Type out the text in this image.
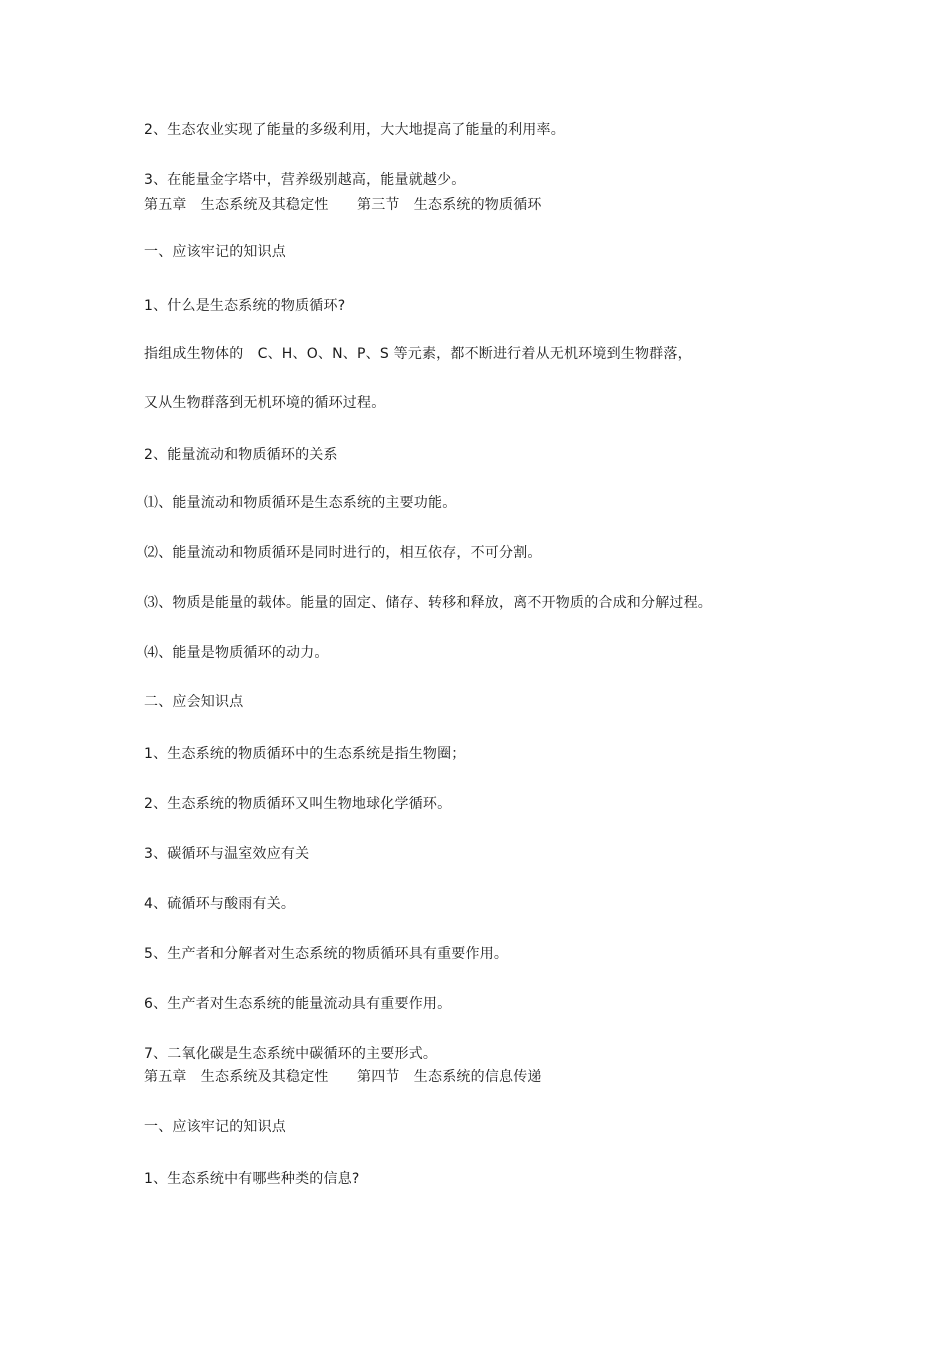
2、生态农业实现了能量的多级利用，大大地提高了能量的利用率。
3、在能量金字塔中，营养级别越高，能量就越少。
第五章　生态系统及其稳定性　　第三节　生态系统的物质循环
一、应该牢记的知识点
1、什么是生态系统的物质循环?
指组成生物体的　C、H、O、N、P、S 等元素，都不断进行着从无机环境到生物群落，
又从生物群落到无机环境的循环过程。
2、能量流动和物质循环的关系
⑴、能量流动和物质循环是生态系统的主要功能。
⑵、能量流动和物质循环是同时进行的，相互依存，不可分割。
⑶、物质是能量的载体。能量的固定、储存、转移和释放，离不开物质的合成和分解过程。
⑷、能量是物质循环的动力。
二、应会知识点
1、生态系统的物质循环中的生态系统是指生物圈；
2、生态系统的物质循环又叫生物地球化学循环。
3、碳循环与温室效应有关
4、硫循环与酸雨有关。
5、生产者和分解者对生态系统的物质循环具有重要作用。
6、生产者对生态系统的能量流动具有重要作用。
7、二氧化碳是生态系统中碳循环的主要形式。
第五章　生态系统及其稳定性　　第四节　生态系统的信息传递
一、应该牢记的知识点
1、生态系统中有哪些种类的信息?
